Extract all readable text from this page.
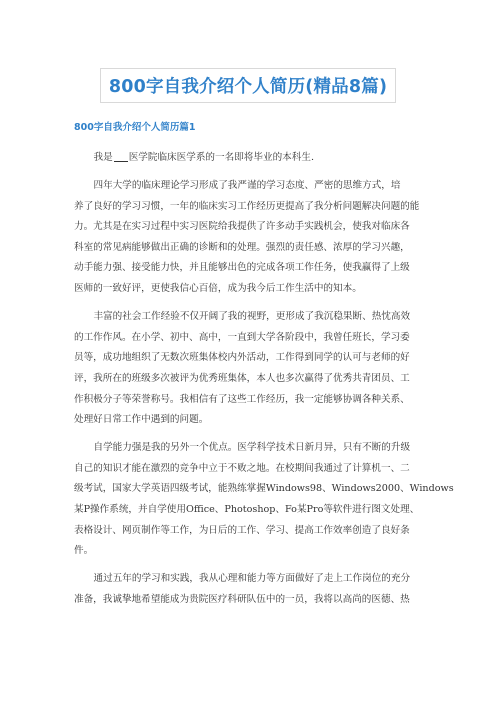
800字自我介绍个人简历(精品8篇)
800字自我介绍个人简历篇1
我是 医学院临床医学系的一名即将毕业的本科生.
四年大学的临床理论学习形成了我严谨的学习态度、严密的思维方式，培
养了良好的学习习惯，一年的临床实习工作经历更提高了我分析问题解决问题的能
力。尤其是在实习过程中实习医院给我提供了许多动手实践机会，使我对临床各
科室的常见病能够做出正确的诊断和的处理。强烈的责任感、浓厚的学习兴趣，
动手能力强、接受能力快，并且能够出色的完成各项工作任务，使我赢得了上级
医师的一致好评，更使我信心百倍，成为我今后工作生活中的知本。
丰富的社会工作经验不仅开阔了我的视野，更形成了我沉稳果断、热忱高效
的工作作风。在小学、初中、高中，一直到大学各阶段中，我曾任班长，学习委
员等，成功地组织了无数次班集体校内外活动，工作得到同学的认可与老师的好
评，我所在的班级多次被评为优秀班集体，本人也多次赢得了优秀共青团员、工
作积极分子等荣誉称号。我相信有了这些工作经历，我一定能够协调各种关系、
处理好日常工作中遇到的问题。
自学能力强是我的另外一个优点。医学科学技术日新月异，只有不断的升级
自己的知识才能在激烈的竞争中立于不败之地。在校期间我通过了计算机一、二
级考试，国家大学英语四级考试，能熟练掌握Windows98、Windows2000、Windows
某P操作系统，并自学使用Office、Photoshop、Fo某Pro等软件进行图文处理、
表格设计、网页制作等工作，为日后的工作、学习、提高工作效率创造了良好条
件。
通过五年的学习和实践，我从心理和能力等方面做好了走上工作岗位的充分
准备，我诚挚地希望能成为贵院医疗科研队伍中的一员，我将以高尚的医德、热
